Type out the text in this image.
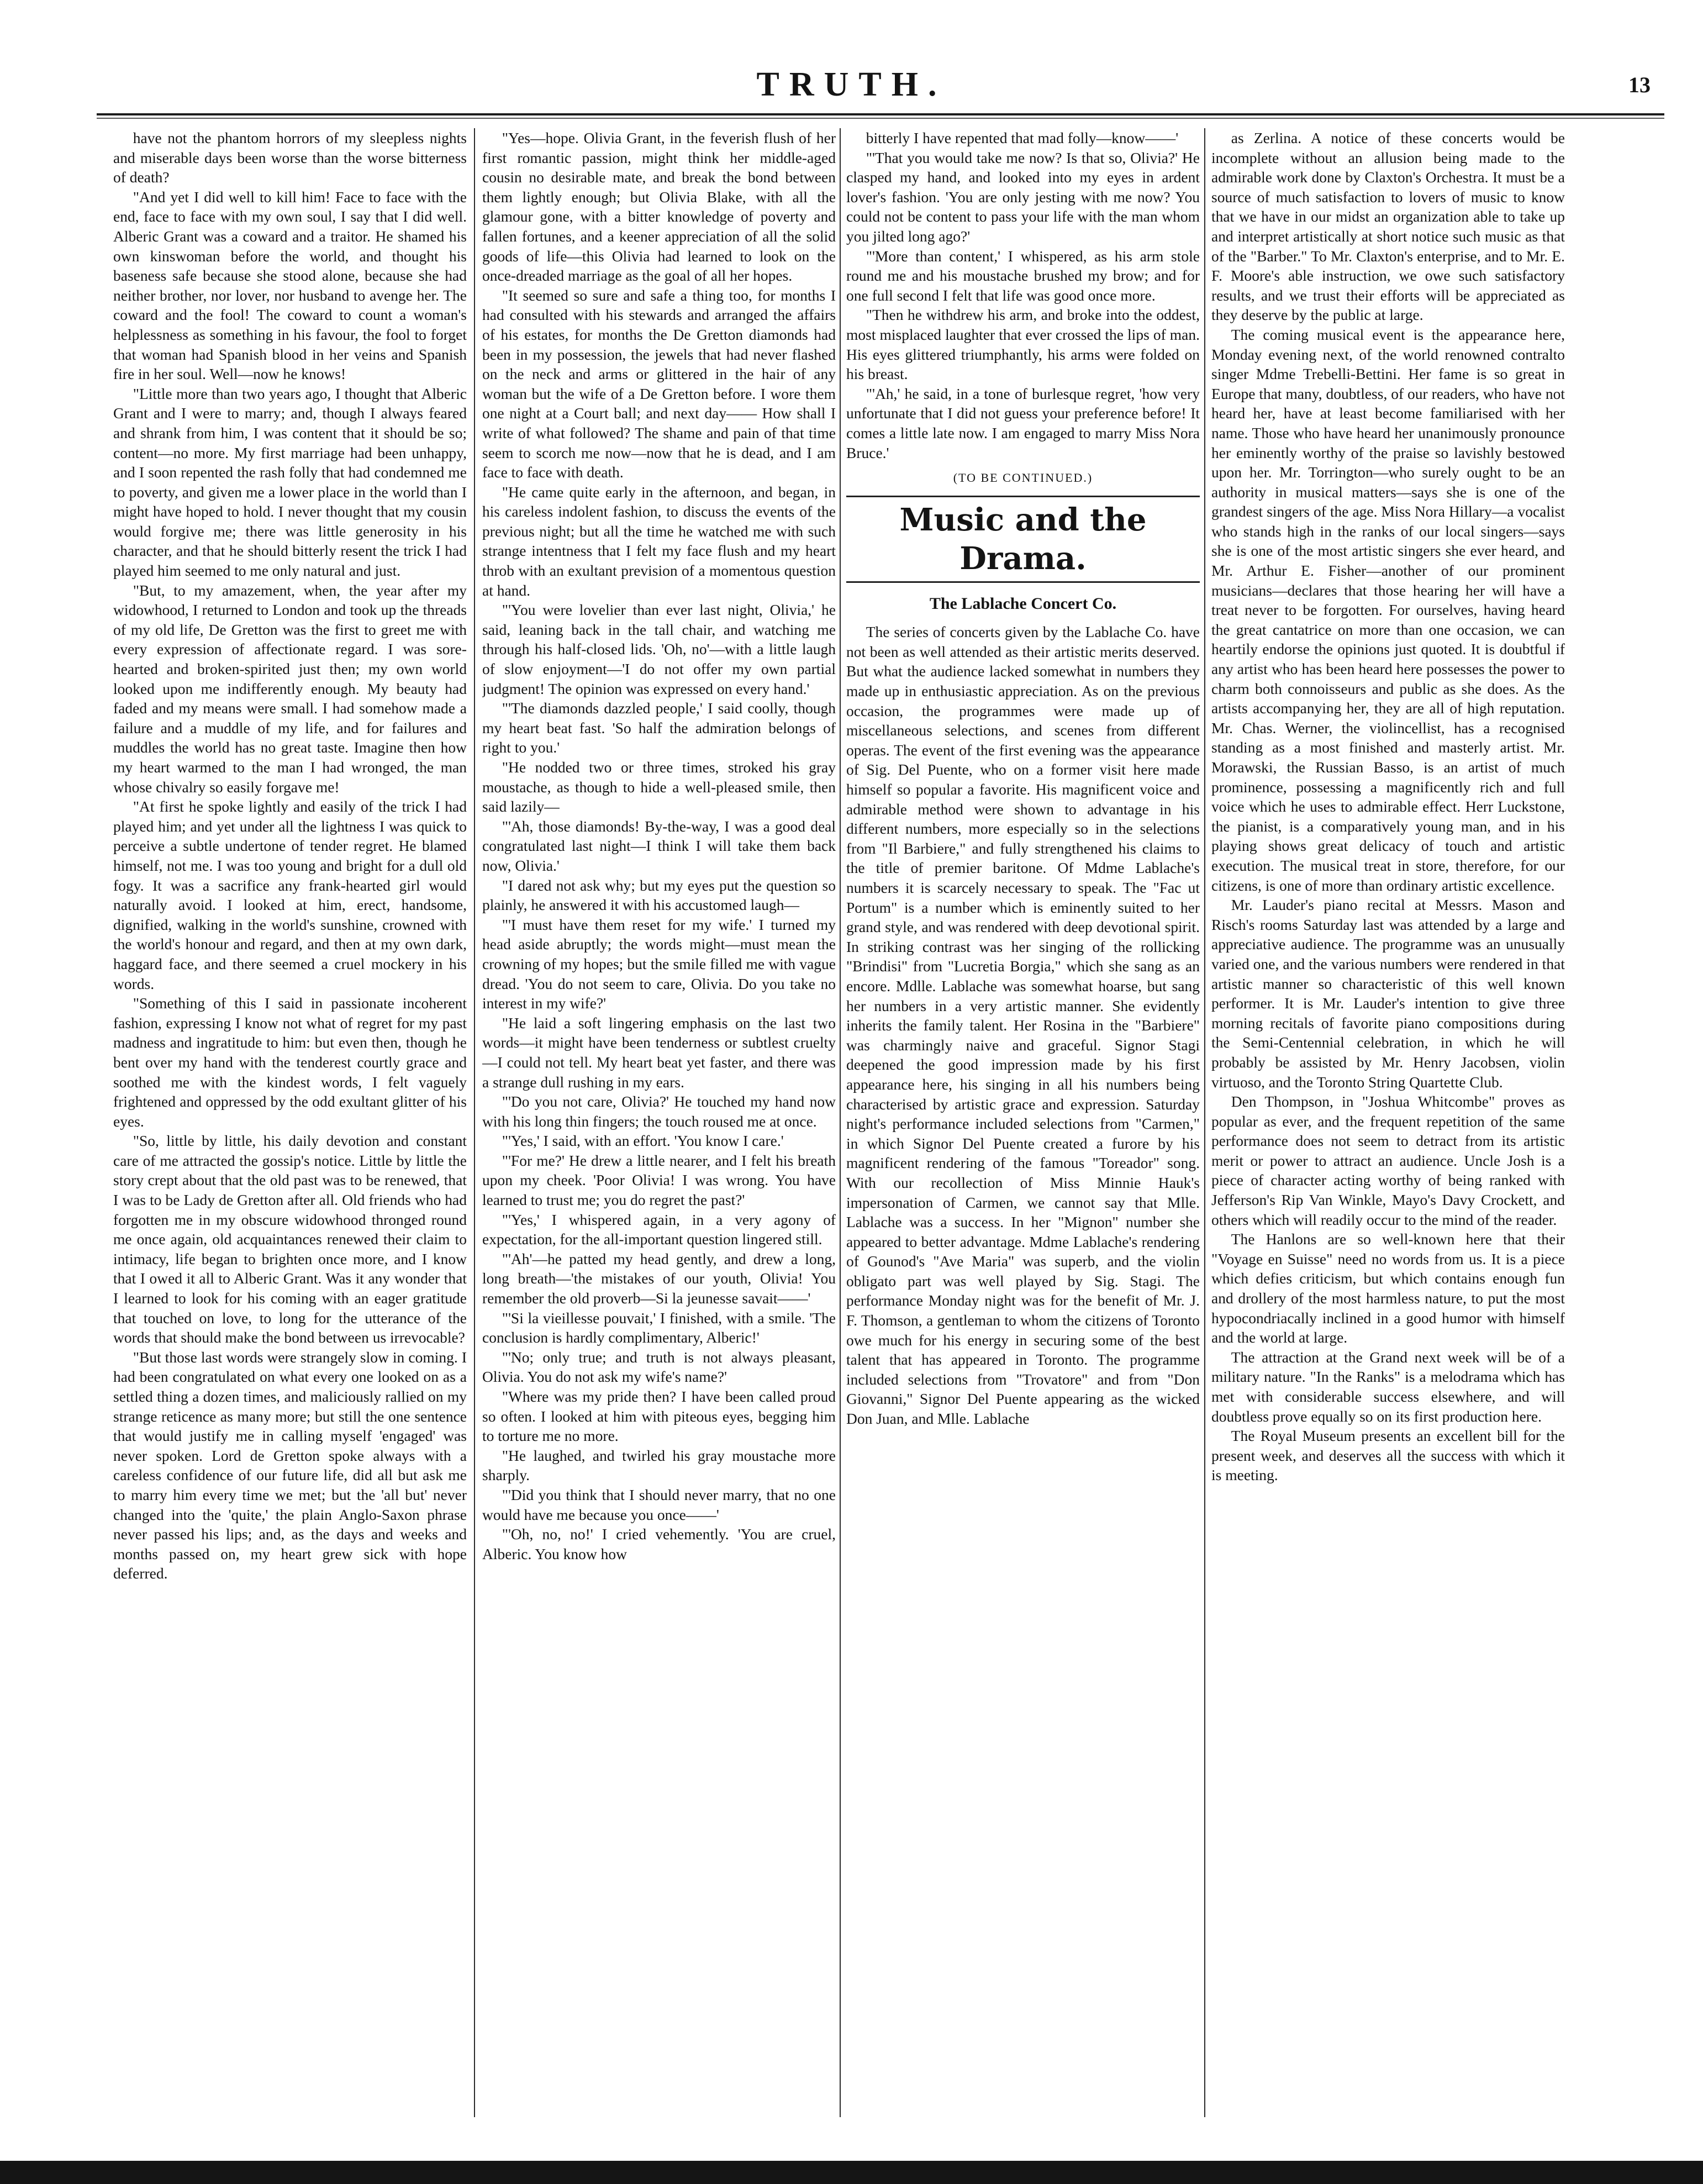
TRUTH.	13

have not the phantom horrors of my sleepless nights and miserable days been worse than the worse bitterness of death?

"And yet I did well to kill him! Face to face with the end, face to face with my own soul, I say that I did well. Alberic Grant was a coward and a traitor. He shamed his own kinswoman before the world, and thought his baseness safe because she stood alone, because she had neither brother, nor lover, nor husband to avenge her. The coward and the fool! The coward to count a woman's helplessness as something in his favour, the fool to forget that woman had Spanish blood in her veins and Spanish fire in her soul. Well—now he knows!

"Little more than two years ago, I thought that Alberic Grant and I were to marry; and, though I always feared and shrank from him, I was content that it should be so; content—no more. My first marriage had been unhappy, and I soon repented the rash folly that had condemned me to poverty, and given me a lower place in the world than I might have hoped to hold. I never thought that my cousin would forgive me; there was little generosity in his character, and that he should bitterly resent the trick I had played him seemed to me only natural and just.

"But, to my amazement, when, the year after my widowhood, I returned to London and took up the threads of my old life, De Gretton was the first to greet me with every expression of affectionate regard. I was sore-hearted and broken-spirited just then; my own world looked upon me indifferently enough. My beauty had faded and my means were small. I had somehow made a failure and a muddle of my life, and for failures and muddles the world has no great taste. Imagine then how my heart warmed to the man I had wronged, the man whose chivalry so easily forgave me!

"At first he spoke lightly and easily of the trick I had played him; and yet under all the lightness I was quick to perceive a subtle undertone of tender regret. He blamed himself, not me. I was too young and bright for a dull old fogy. It was a sacrifice any frank-hearted girl would naturally avoid. I looked at him, erect, handsome, dignified, walking in the world's sunshine, crowned with the world's honour and regard, and then at my own dark, haggard face, and there seemed a cruel mockery in his words.

"Something of this I said in passionate incoherent fashion, expressing I know not what of regret for my past madness and ingratitude to him: but even then, though he bent over my hand with the tenderest courtly grace and soothed me with the kindest words, I felt vaguely frightened and oppressed by the odd exultant glitter of his eyes.

"So, little by little, his daily devotion and constant care of me attracted the gossip's notice. Little by little the story crept about that the old past was to be renewed, that I was to be Lady de Gretton after all. Old friends who had forgotten me in my obscure widowhood thronged round me once again, old acquaintances renewed their claim to intimacy, life began to brighten once more, and I know that I owed it all to Alberic Grant. Was it any wonder that I learned to look for his coming with an eager gratitude that touched on love, to long for the utterance of the words that should make the bond between us irrevocable?

"But those last words were strangely slow in coming. I had been congratulated on what every one looked on as a settled thing a dozen times, and maliciously rallied on my strange reticence as many more; but still the one sentence that would justify me in calling myself 'engaged' was never spoken. Lord de Gretton spoke always with a careless confidence of our future life, did all but ask me to marry him every time we met; but the 'all but' never changed into the 'quite,' the plain Anglo-Saxon phrase never passed his lips; and, as the days and weeks and months passed on, my heart grew sick with hope deferred.

"Yes—hope. Olivia Grant, in the feverish flush of her first romantic passion, might think her middle-aged cousin no desirable mate, and break the bond between them lightly enough; but Olivia Blake, with all the glamour gone, with a bitter knowledge of poverty and fallen fortunes, and a keener appreciation of all the solid goods of life—this Olivia had learned to look on the once-dreaded marriage as the goal of all her hopes.

"It seemed so sure and safe a thing too, for months I had consulted with his stewards and arranged the affairs of his estates, for months the De Gretton diamonds had been in my possession, the jewels that had never flashed on the neck and arms or glittered in the hair of any woman but the wife of a De Gretton before. I wore them one night at a Court ball; and next day—— How shall I write of what followed? The shame and pain of that time seem to scorch me now—now that he is dead, and I am face to face with death.

"He came quite early in the afternoon, and began, in his careless indolent fashion, to discuss the events of the previous night; but all the time he watched me with such strange intentness that I felt my face flush and my heart throb with an exultant prevision of a momentous question at hand.

"'You were lovelier than ever last night, Olivia,' he said, leaning back in the tall chair, and watching me through his half-closed lids. 'Oh, no'—with a little laugh of slow enjoyment—'I do not offer my own partial judgment! The opinion was expressed on every hand.'

"'The diamonds dazzled people,' I said coolly, though my heart beat fast. 'So half the admiration belongs of right to you.'

"He nodded two or three times, stroked his gray moustache, as though to hide a well-pleased smile, then said lazily—

"'Ah, those diamonds! By-the-way, I was a good deal congratulated last night—I think I will take them back now, Olivia.'

"I dared not ask why; but my eyes put the question so plainly, he answered it with his accustomed laugh—

"'I must have them reset for my wife.' I turned my head aside abruptly; the words might—must mean the crowning of my hopes; but the smile filled me with vague dread. 'You do not seem to care, Olivia. Do you take no interest in my wife?'

"He laid a soft lingering emphasis on the last two words—it might have been tenderness or subtlest cruelty—I could not tell. My heart beat yet faster, and there was a strange dull rushing in my ears.

"'Do you not care, Olivia?' He touched my hand now with his long thin fingers; the touch roused me at once.

"'Yes,' I said, with an effort. 'You know I care.'

"'For me?' He drew a little nearer, and I felt his breath upon my cheek. 'Poor Olivia! I was wrong. You have learned to trust me; you do regret the past?'

"'Yes,' I whispered again, in a very agony of expectation, for the all-important question lingered still.

"'Ah'—he patted my head gently, and drew a long, long breath—'the mistakes of our youth, Olivia! You remember the old proverb—Si la jeunesse savait——'

"'Si la vieillesse pouvait,' I finished, with a smile. 'The conclusion is hardly complimentary, Alberic!'

"'No; only true; and truth is not always pleasant, Olivia. You do not ask my wife's name?'

"Where was my pride then? I have been called proud so often. I looked at him with piteous eyes, begging him to torture me no more.

"He laughed, and twirled his gray moustache more sharply.

"'Did you think that I should never marry, that no one would have me because you once——'

"'Oh, no, no!' I cried vehemently. 'You are cruel, Alberic. You know how

bitterly I have repented that mad folly—know——'

"'That you would take me now? Is that so, Olivia?' He clasped my hand, and looked into my eyes in ardent lover's fashion. 'You are only jesting with me now? You could not be content to pass your life with the man whom you jilted long ago?'

"'More than content,' I whispered, as his arm stole round me and his moustache brushed my brow; and for one full second I felt that life was good once more.

"Then he withdrew his arm, and broke into the oddest, most misplaced laughter that ever crossed the lips of man. His eyes glittered triumphantly, his arms were folded on his breast.

"'Ah,' he said, in a tone of burlesque regret, 'how very unfortunate that I did not guess your preference before! It comes a little late now. I am engaged to marry Miss Nora Bruce.'

(TO BE CONTINUED.)

Music and the Drama.
The Lablache Concert Co.

The series of concerts given by the Lablache Co. have not been as well attended as their artistic merits deserved. But what the audience lacked somewhat in numbers they made up in enthusiastic appreciation. As on the previous occasion, the programmes were made up of miscellaneous selections, and scenes from different operas. The event of the first evening was the appearance of Sig. Del Puente, who on a former visit here made himself so popular a favorite. His magnificent voice and admirable method were shown to advantage in his different numbers, more especially so in the selections from "Il Barbiere," and fully strengthened his claims to the title of premier baritone. Of Mdme Lablache's numbers it is scarcely necessary to speak. The "Fac ut Portum" is a number which is eminently suited to her grand style, and was rendered with deep devotional spirit. In striking contrast was her singing of the rollicking "Brindisi" from "Lucretia Borgia," which she sang as an encore. Mdlle. Lablache was somewhat hoarse, but sang her numbers in a very artistic manner. She evidently inherits the family talent. Her Rosina in the "Barbiere" was charmingly naive and graceful. Signor Stagi deepened the good impression made by his first appearance here, his singing in all his numbers being characterised by artistic grace and expression. Saturday night's performance included selections from "Carmen," in which Signor Del Puente created a furore by his magnificent rendering of the famous "Toreador" song. With our recollection of Miss Minnie Hauk's impersonation of Carmen, we cannot say that Mlle. Lablache was a success. In her "Mignon" number she appeared to better advantage. Mdme Lablache's rendering of Gounod's "Ave Maria" was superb, and the violin obligato part was well played by Sig. Stagi. The performance Monday night was for the benefit of Mr. J. F. Thomson, a gentleman to whom the citizens of Toronto owe much for his energy in securing some of the best talent that has appeared in Toronto. The programme included selections from "Trovatore" and from "Don Giovanni," Signor Del Puente appearing as the wicked Don Juan, and Mlle. Lablache

as Zerlina. A notice of these concerts would be incomplete without an allusion being made to the admirable work done by Claxton's Orchestra. It must be a source of much satisfaction to lovers of music to know that we have in our midst an organization able to take up and interpret artistically at short notice such music as that of the "Barber." To Mr. Claxton's enterprise, and to Mr. E. F. Moore's able instruction, we owe such satisfactory results, and we trust their efforts will be appreciated as they deserve by the public at large.

The coming musical event is the appearance here, Monday evening next, of the world renowned contralto singer Mdme Trebelli-Bettini. Her fame is so great in Europe that many, doubtless, of our readers, who have not heard her, have at least become familiarised with her name. Those who have heard her unanimously pronounce her eminently worthy of the praise so lavishly bestowed upon her. Mr. Torrington—who surely ought to be an authority in musical matters—says she is one of the grandest singers of the age. Miss Nora Hillary—a vocalist who stands high in the ranks of our local singers—says she is one of the most artistic singers she ever heard, and Mr. Arthur E. Fisher—another of our prominent musicians—declares that those hearing her will have a treat never to be forgotten. For ourselves, having heard the great cantatrice on more than one occasion, we can heartily endorse the opinions just quoted. It is doubtful if any artist who has been heard here possesses the power to charm both connoisseurs and public as she does. As the artists accompanying her, they are all of high reputation. Mr. Chas. Werner, the violincellist, has a recognised standing as a most finished and masterly artist. Mr. Morawski, the Russian Basso, is an artist of much prominence, possessing a magnificently rich and full voice which he uses to admirable effect. Herr Luckstone, the pianist, is a comparatively young man, and in his playing shows great delicacy of touch and artistic execution. The musical treat in store, therefore, for our citizens, is one of more than ordinary artistic excellence.

Mr. Lauder's piano recital at Messrs. Mason and Risch's rooms Saturday last was attended by a large and appreciative audience. The programme was an unusually varied one, and the various numbers were rendered in that artistic manner so characteristic of this well known performer. It is Mr. Lauder's intention to give three morning recitals of favorite piano compositions during the Semi-Centennial celebration, in which he will probably be assisted by Mr. Henry Jacobsen, violin virtuoso, and the Toronto String Quartette Club.

Den Thompson, in "Joshua Whitcombe" proves as popular as ever, and the frequent repetition of the same performance does not seem to detract from its artistic merit or power to attract an audience. Uncle Josh is a piece of character acting worthy of being ranked with Jefferson's Rip Van Winkle, Mayo's Davy Crockett, and others which will readily occur to the mind of the reader.

The Hanlons are so well-known here that their "Voyage en Suisse" need no words from us. It is a piece which defies criticism, but which contains enough fun and drollery of the most harmless nature, to put the most hypocondriacally inclined in a good humor with himself and the world at large.

The attraction at the Grand next week will be of a military nature. "In the Ranks" is a melodrama which has met with considerable success elsewhere, and will doubtless prove equally so on its first production here.

The Royal Museum presents an excellent bill for the present week, and deserves all the success with which it is meeting.
